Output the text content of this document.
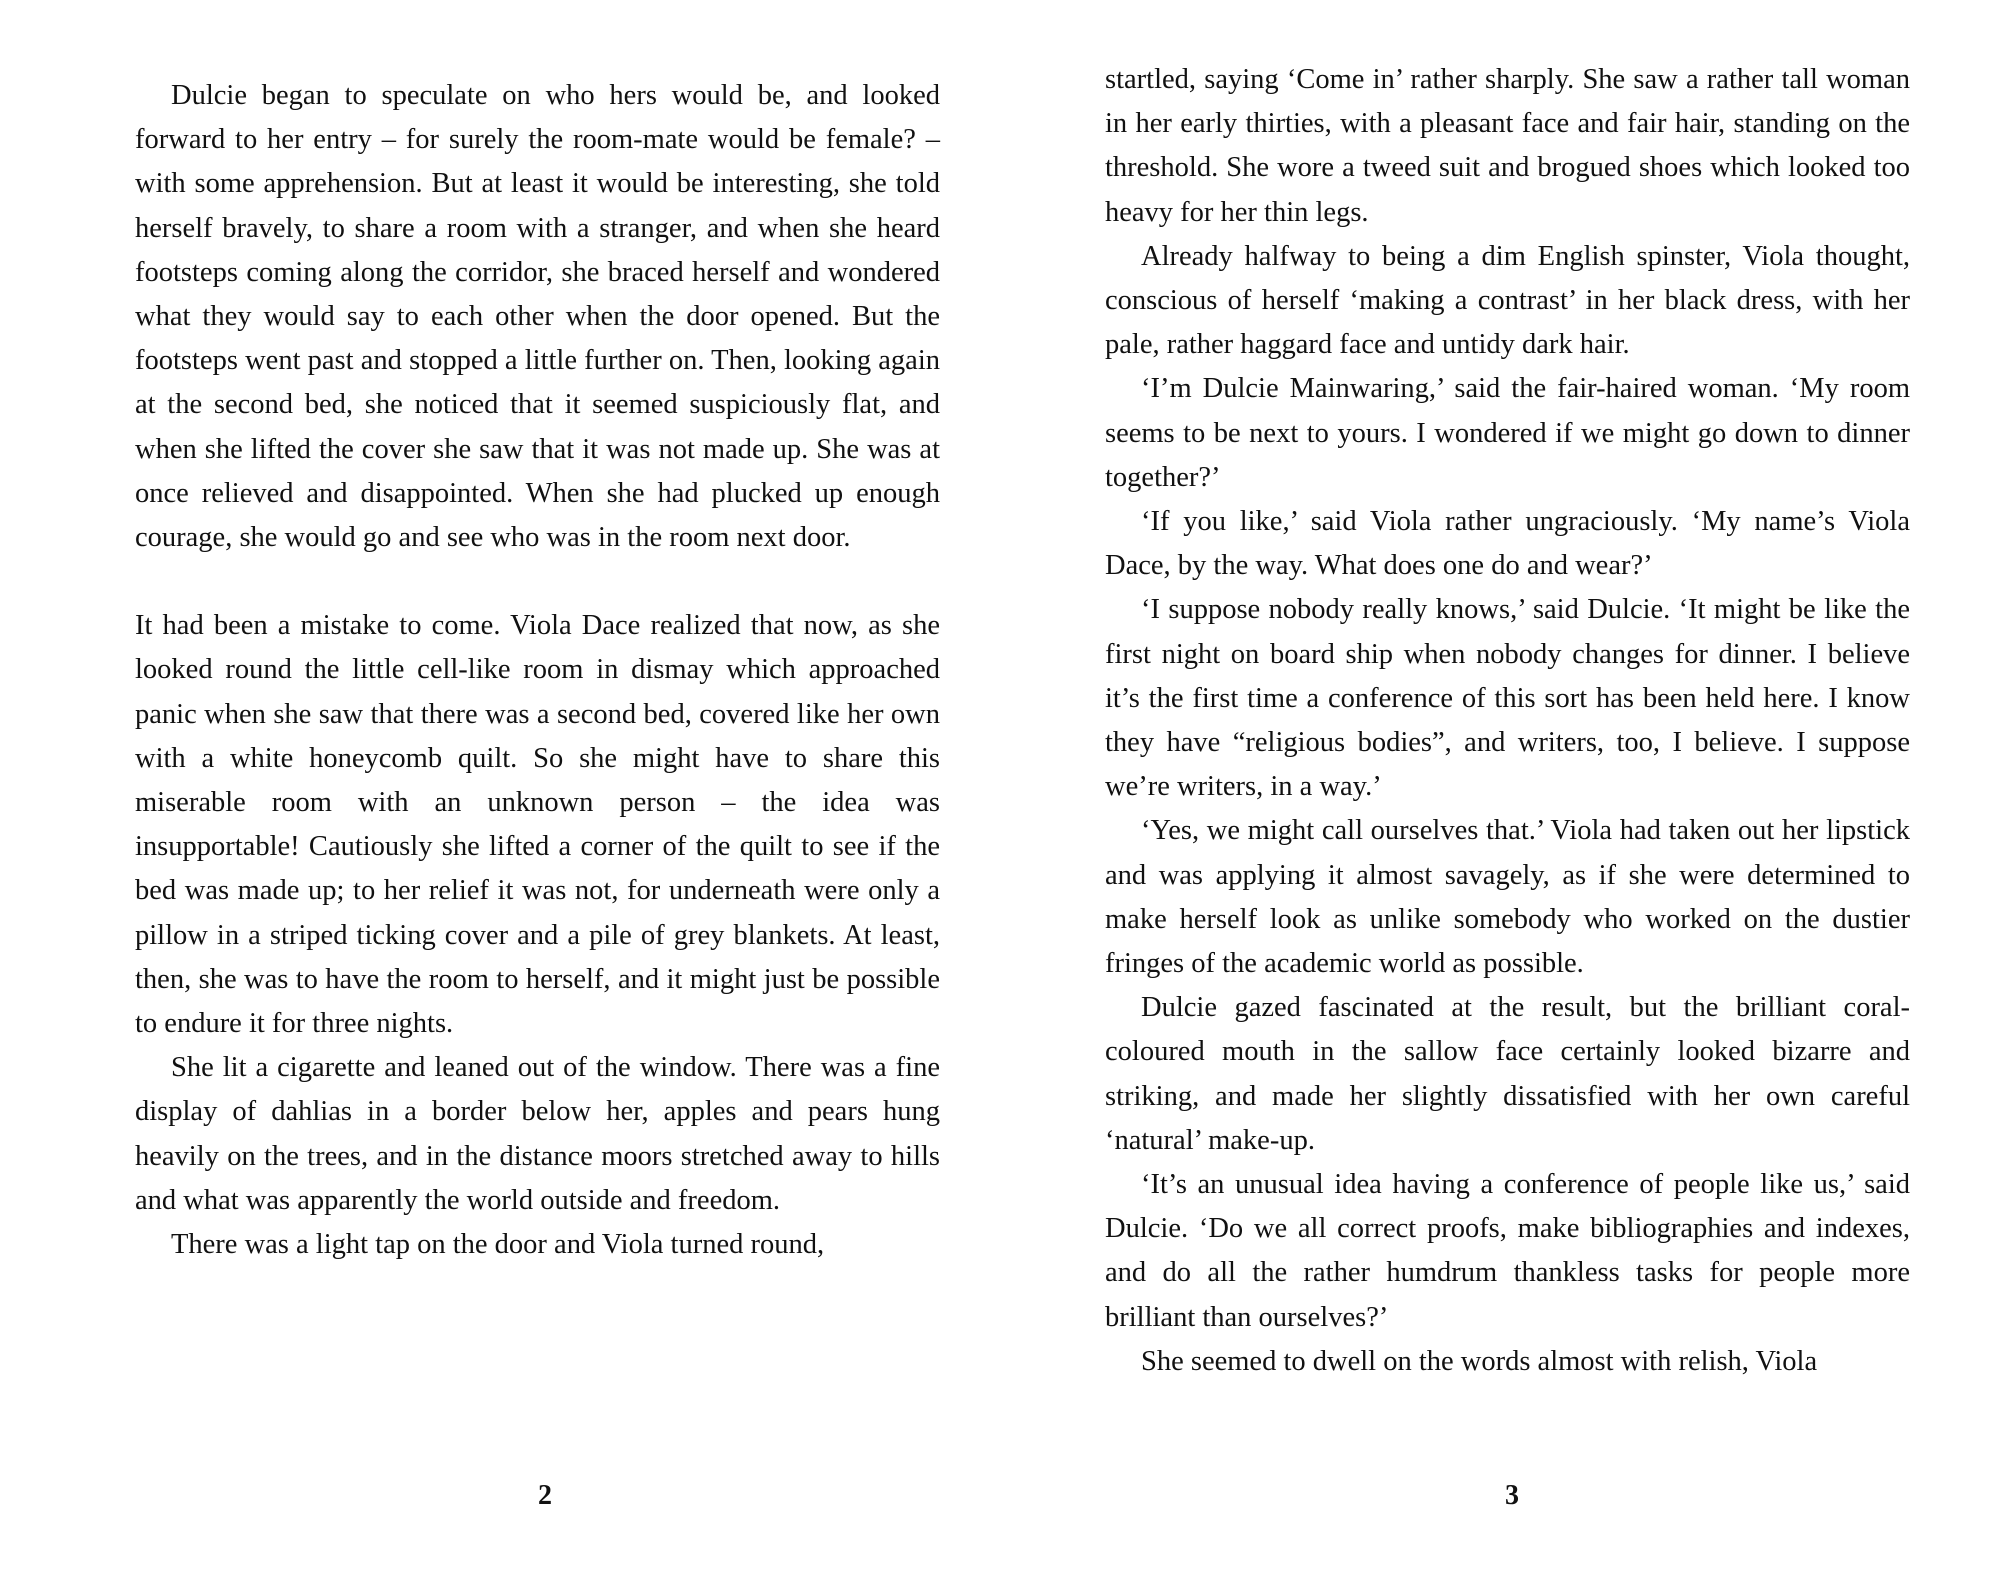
Dulcie began to speculate on who hers would be, and looked forward to her entry – for surely the room-mate would be female? – with some apprehension. But at least it would be interesting, she told herself bravely, to share a room with a stranger, and when she heard footsteps coming along the corridor, she braced herself and wondered what they would say to each other when the door opened. But the footsteps went past and stopped a little further on. Then, looking again at the second bed, she noticed that it seemed suspiciously flat, and when she lifted the cover she saw that it was not made up. She was at once relieved and disappointed. When she had plucked up enough courage, she would go and see who was in the room next door.

It had been a mistake to come. Viola Dace realized that now, as she looked round the little cell-like room in dismay which approached panic when she saw that there was a second bed, covered like her own with a white honeycomb quilt. So she might have to share this miserable room with an unknown person – the idea was insupportable! Cautiously she lifted a corner of the quilt to see if the bed was made up; to her relief it was not, for underneath were only a pillow in a striped ticking cover and a pile of grey blankets. At least, then, she was to have the room to herself, and it might just be possible to endure it for three nights.

She lit a cigarette and leaned out of the window. There was a fine display of dahlias in a border below her, apples and pears hung heavily on the trees, and in the distance moors stretched away to hills and what was apparently the world outside and freedom.

There was a light tap on the door and Viola turned round,

2

startled, saying ‘Come in’ rather sharply. She saw a rather tall woman in her early thirties, with a pleasant face and fair hair, standing on the threshold. She wore a tweed suit and brogued shoes which looked too heavy for her thin legs.

Already halfway to being a dim English spinster, Viola thought, conscious of herself ‘making a contrast’ in her black dress, with her pale, rather haggard face and untidy dark hair.

‘I’m Dulcie Mainwaring,’ said the fair-haired woman. ‘My room seems to be next to yours. I wondered if we might go down to dinner together?’

‘If you like,’ said Viola rather ungraciously. ‘My name’s Viola Dace, by the way. What does one do and wear?’

‘I suppose nobody really knows,’ said Dulcie. ‘It might be like the first night on board ship when nobody changes for dinner. I believe it’s the first time a conference of this sort has been held here. I know they have “religious bodies”, and writers, too, I believe. I suppose we’re writers, in a way.’

‘Yes, we might call ourselves that.’ Viola had taken out her lipstick and was applying it almost savagely, as if she were determined to make herself look as unlike somebody who worked on the dustier fringes of the academic world as possible.

Dulcie gazed fascinated at the result, but the brilliant coral-coloured mouth in the sallow face certainly looked bizarre and striking, and made her slightly dissatisfied with her own careful ‘natural’ make-up.

‘It’s an unusual idea having a conference of people like us,’ said Dulcie. ‘Do we all correct proofs, make bibliographies and indexes, and do all the rather humdrum thankless tasks for people more brilliant than ourselves?’

She seemed to dwell on the words almost with relish, Viola

3
